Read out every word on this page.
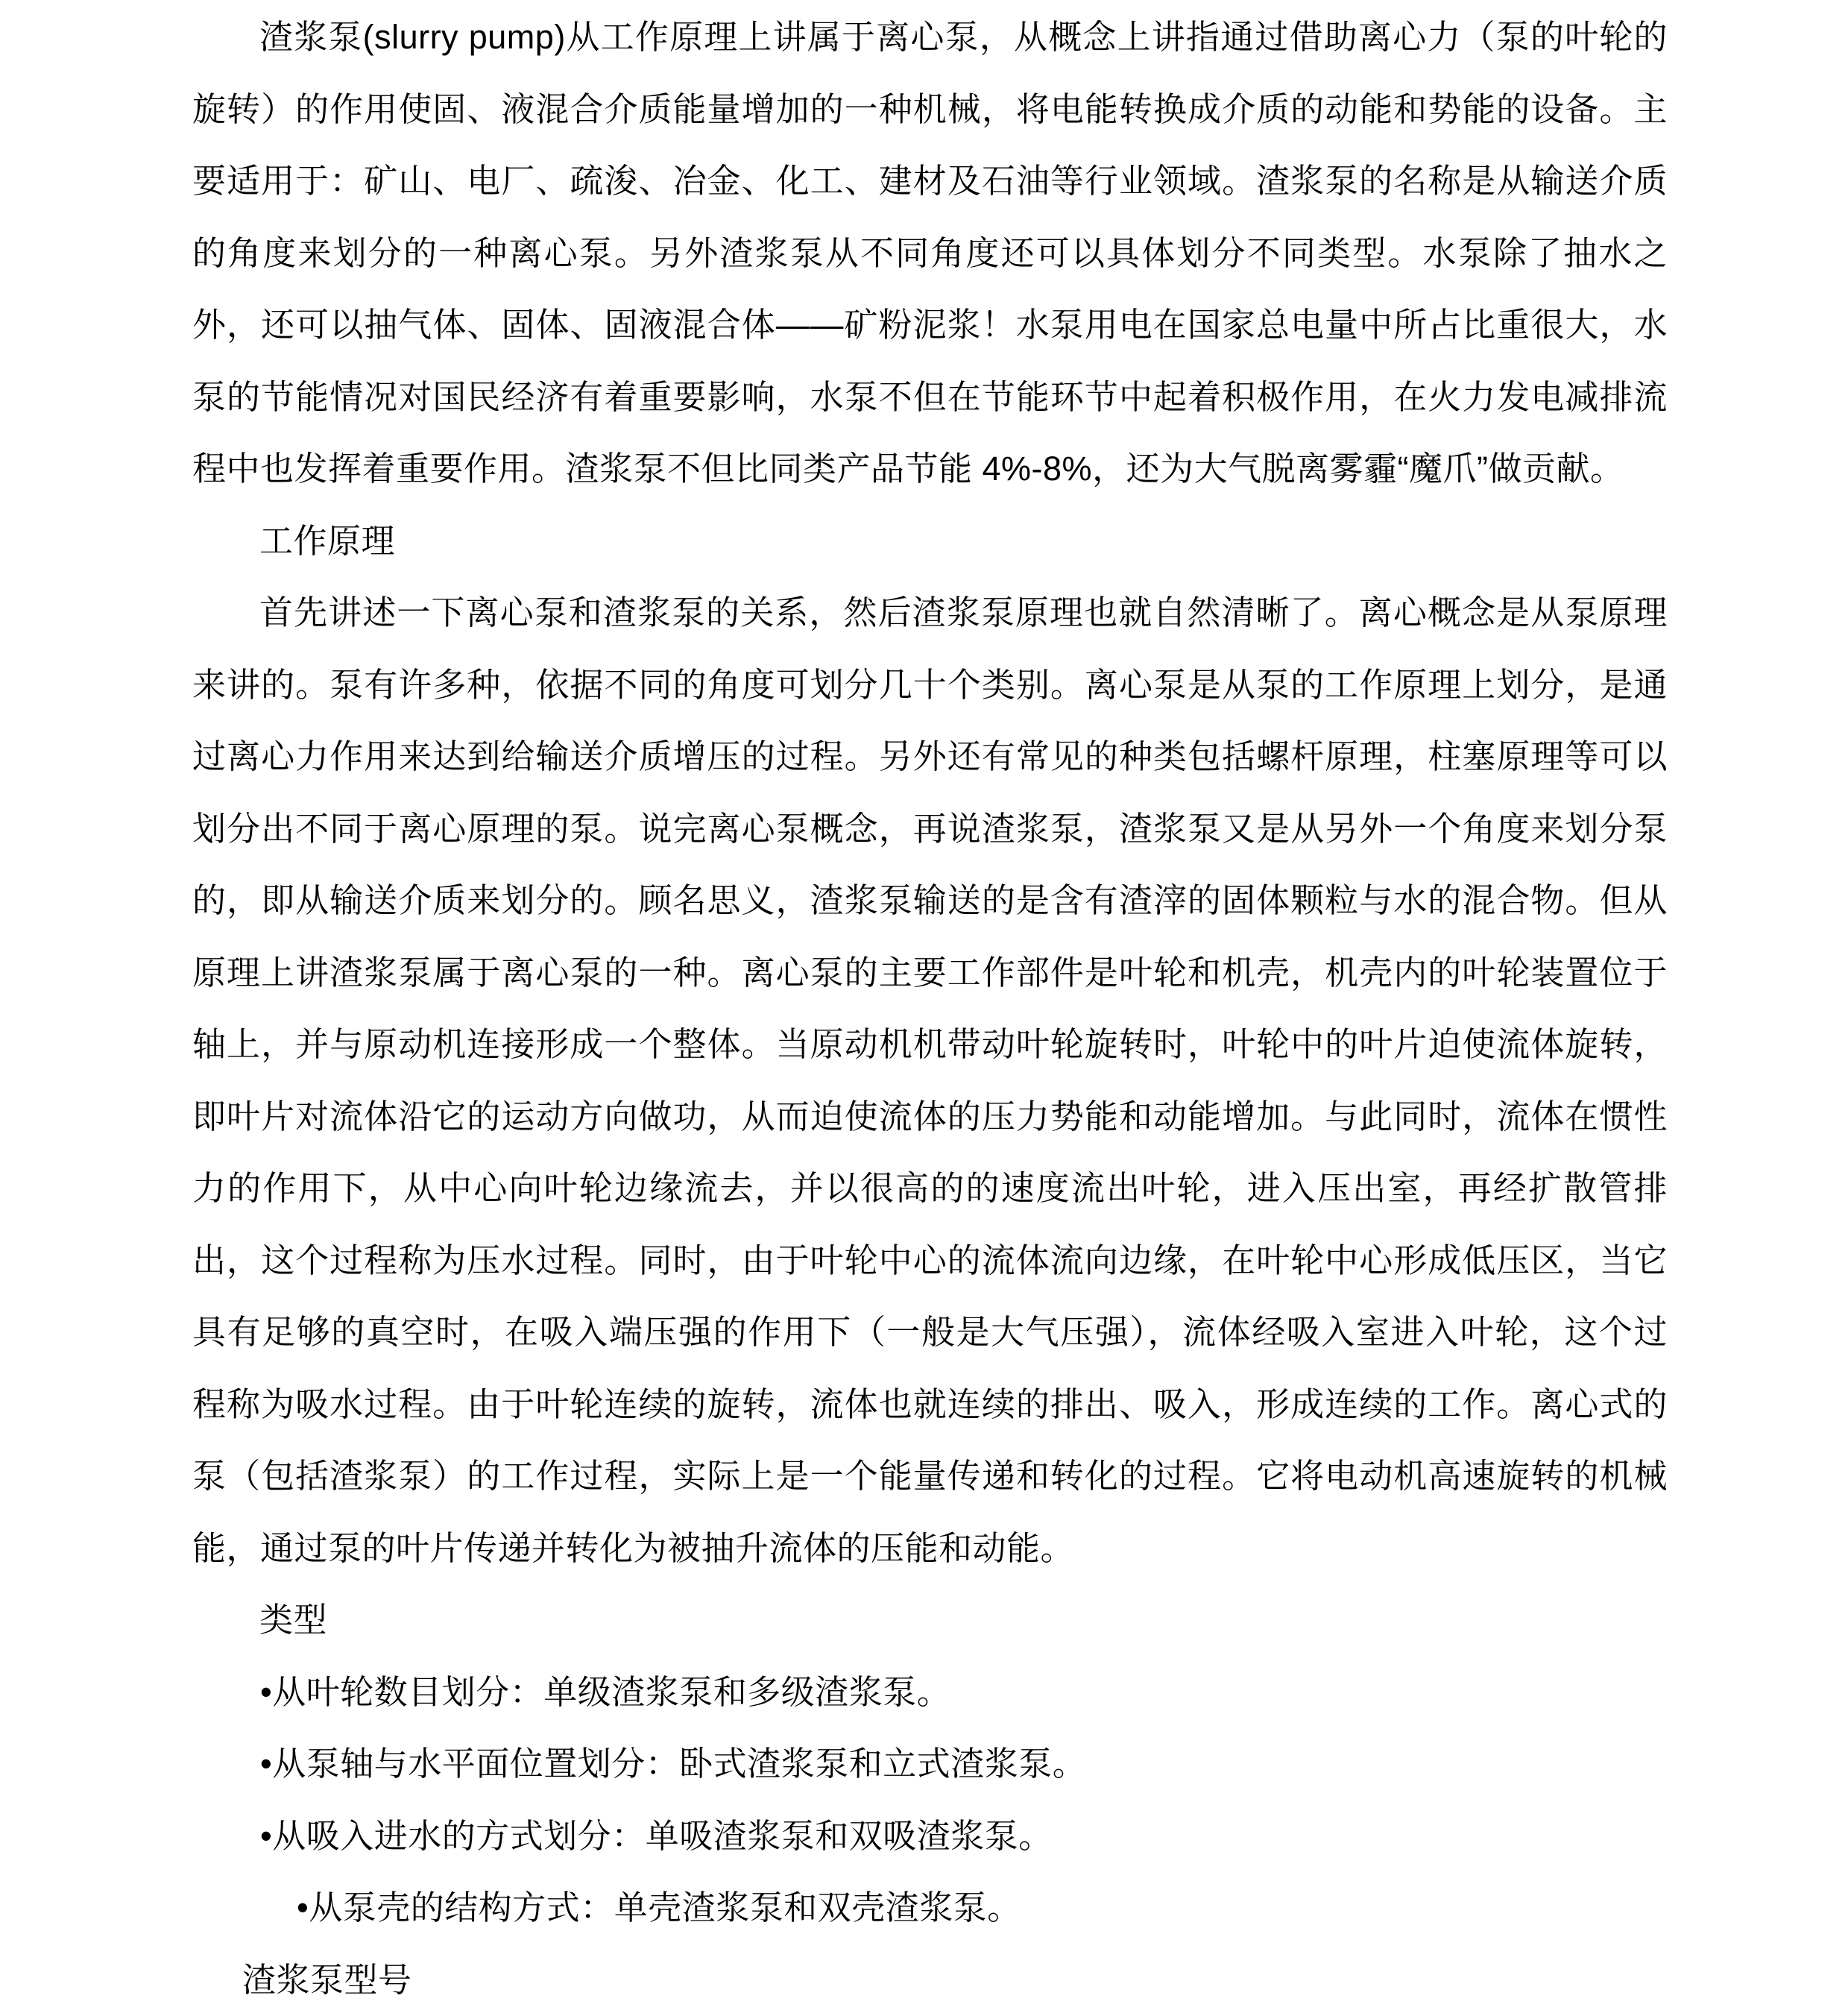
渣浆泵(slurry pump)从工作原理上讲属于离心泵，从概念上讲指通过借助离心力（泵的叶轮的旋转）的作用使固、液混合介质能量增加的一种机械，将电能转换成介质的动能和势能的设备。主要适用于：矿山、电厂、疏浚、冶金、化工、建材及石油等行业领域。渣浆泵的名称是从输送介质的角度来划分的一种离心泵。另外渣浆泵从不同角度还可以具体划分不同类型。水泵除了抽水之外，还可以抽气体、固体、固液混合体——矿粉泥浆！水泵用电在国家总电量中所占比重很大，水泵的节能情况对国民经济有着重要影响，水泵不但在节能环节中起着积极作用，在火力发电减排流程中也发挥着重要作用。渣浆泵不但比同类产品节能 4%-8%，还为大气脱离雾霾“魔爪”做贡献。
工作原理
首先讲述一下离心泵和渣浆泵的关系，然后渣浆泵原理也就自然清晰了。离心概念是从泵原理来讲的。泵有许多种，依据不同的角度可划分几十个类别。离心泵是从泵的工作原理上划分，是通过离心力作用来达到给输送介质增压的过程。另外还有常见的种类包括螺杆原理，柱塞原理等可以划分出不同于离心原理的泵。说完离心泵概念，再说渣浆泵，渣浆泵又是从另外一个角度来划分泵的，即从输送介质来划分的。顾名思义，渣浆泵输送的是含有渣滓的固体颗粒与水的混合物。但从原理上讲渣浆泵属于离心泵的一种。离心泵的主要工作部件是叶轮和机壳，机壳内的叶轮装置位于轴上，并与原动机连接形成一个整体。当原动机机带动叶轮旋转时，叶轮中的叶片迫使流体旋转，即叶片对流体沿它的运动方向做功，从而迫使流体的压力势能和动能增加。与此同时，流体在惯性力的作用下，从中心向叶轮边缘流去，并以很高的的速度流出叶轮，进入压出室，再经扩散管排出，这个过程称为压水过程。同时，由于叶轮中心的流体流向边缘，在叶轮中心形成低压区，当它具有足够的真空时，在吸入端压强的作用下（一般是大气压强），流体经吸入室进入叶轮，这个过程称为吸水过程。由于叶轮连续的旋转，流体也就连续的排出、吸入，形成连续的工作。离心式的泵（包括渣浆泵）的工作过程，实际上是一个能量传递和转化的过程。它将电动机高速旋转的机械能，通过泵的叶片传递并转化为被抽升流体的压能和动能。
类型
•从叶轮数目划分：单级渣浆泵和多级渣浆泵。
•从泵轴与水平面位置划分：卧式渣浆泵和立式渣浆泵。
•从吸入进水的方式划分：单吸渣浆泵和双吸渣浆泵。
•从泵壳的结构方式：单壳渣浆泵和双壳渣浆泵。
渣浆泵型号
